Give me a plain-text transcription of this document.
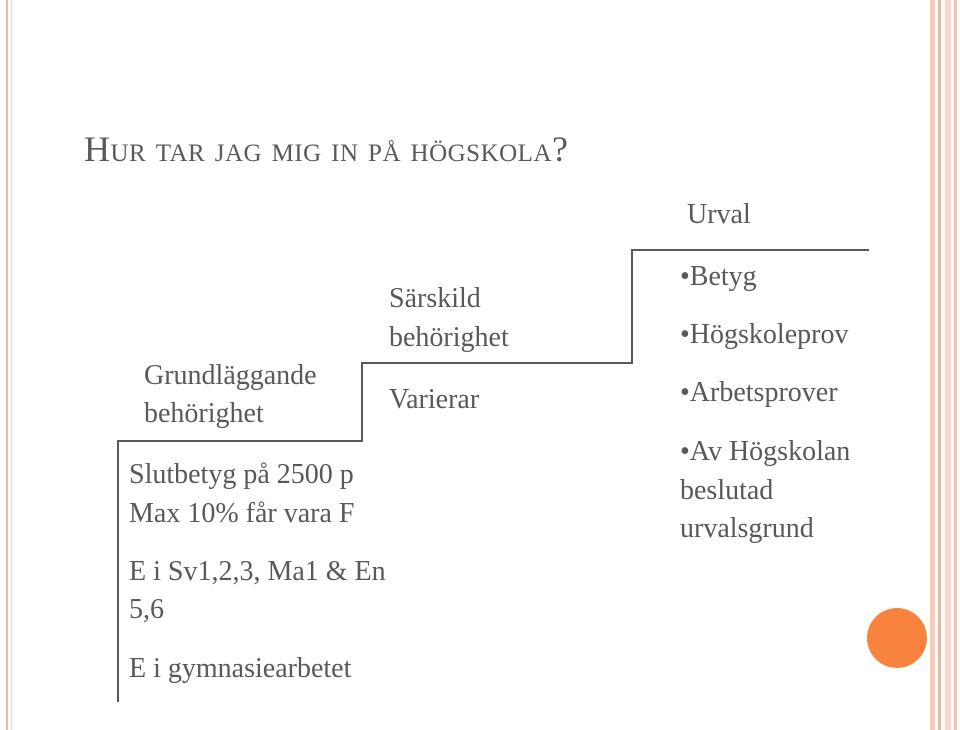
Hur tar jag mig in på högskola?
Grundläggande
behörighet
Slutbetyg på 2500 p
Max 10% får vara F
E i Sv1,2,3, Ma1 & En
5,6
E i gymnasiearbetet
Särskild
behörighet
Varierar
Urval
•Betyg
•Högskoleprov
•Arbetsprover
•Av Högskolan
beslutad
urvalsgrund
